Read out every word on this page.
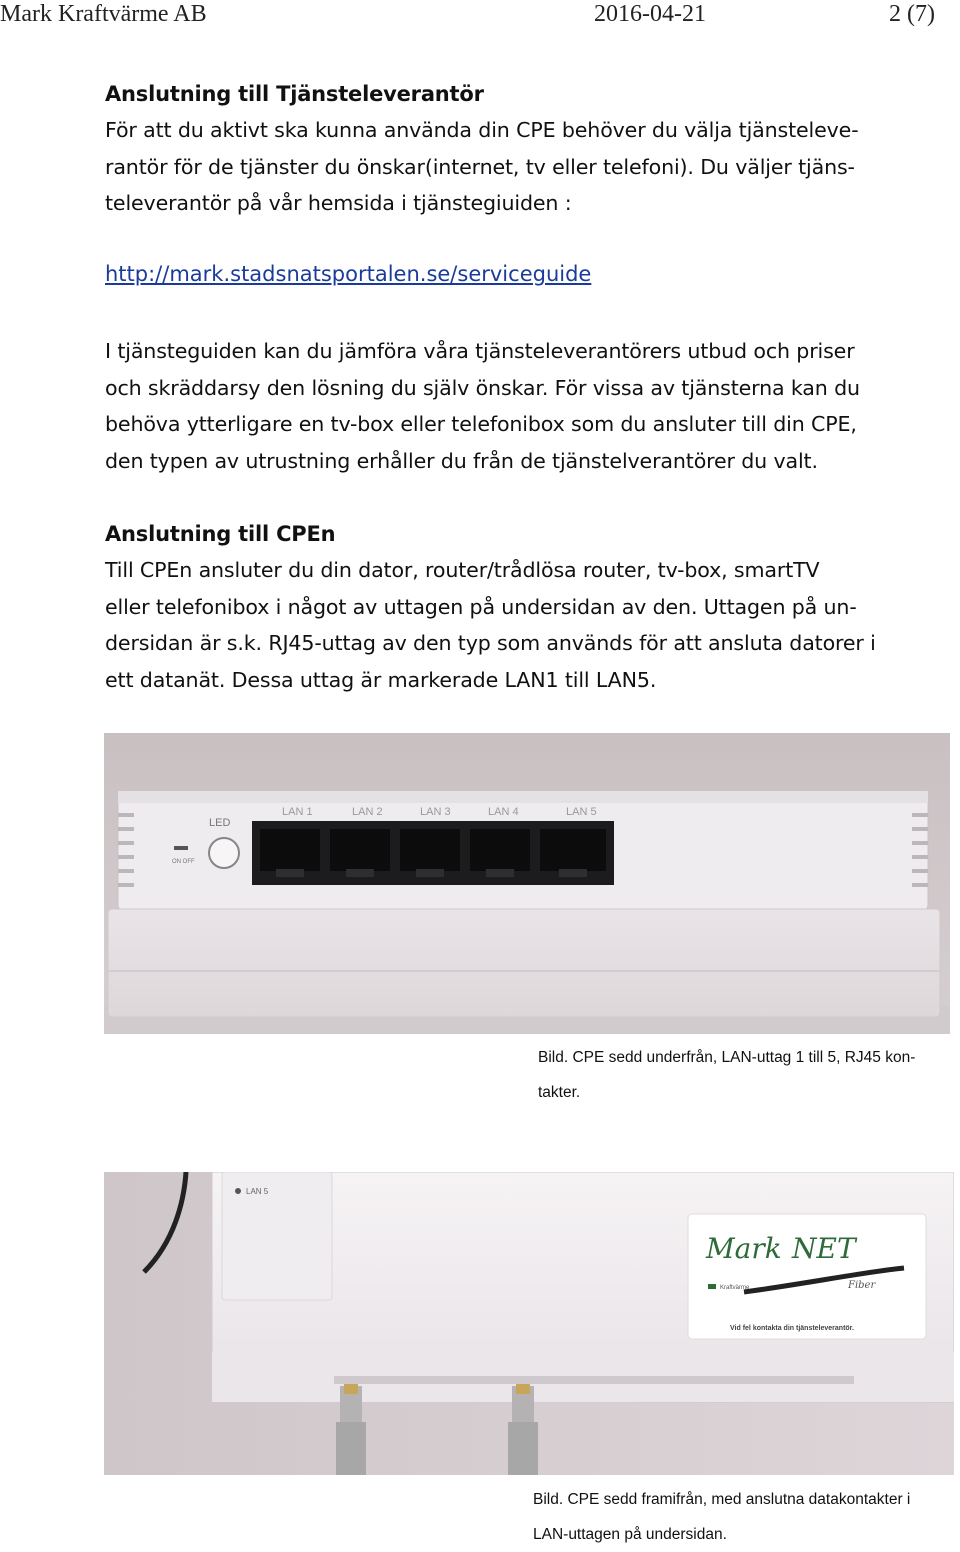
Mark Kraftvärme AB	2016-04-21	2 (7)
Anslutning till Tjänsteleverantör
För att du aktivt ska kunna använda din CPE behöver du välja tjänsteleve-
rantör för de tjänster du önskar(internet, tv eller telefoni). Du väljer tjäns-
televerantör på vår hemsida i tjänstegiuiden :
http://mark.stadsnatsportalen.se/serviceguide
I tjänsteguiden kan du jämföra våra tjänsteleverantörers utbud och priser
och skräddarsy den lösning du själv önskar. För vissa av tjänsterna kan du
behöva ytterligare en tv-box eller telefonibox som du ansluter till din CPE,
den typen av utrustning erhåller du från de tjänstelverantörer du valt.
Anslutning till CPEn
Till CPEn ansluter du din dator, router/trådlösa router, tv-box, smartTV
eller telefonibox i något av uttagen på undersidan av den. Uttagen på un-
dersidan är s.k. RJ45-uttag av den typ som används för att ansluta datorer i
ett datanät. Dessa uttag är markerade LAN1 till LAN5.
LED
ON OFF
LAN 1	LAN 2	LAN 3	LAN 4	LAN 5
Bild. CPE sedd underfrån, LAN-uttag 1 till 5, RJ45 kon-
takter.
LAN 5
Mark NET
Fiber
Kraftvärme
Vid fel kontakta din tjänsteleverantör.
Bild. CPE sedd framifrån, med anslutna datakontakter i
LAN-uttagen på undersidan.
